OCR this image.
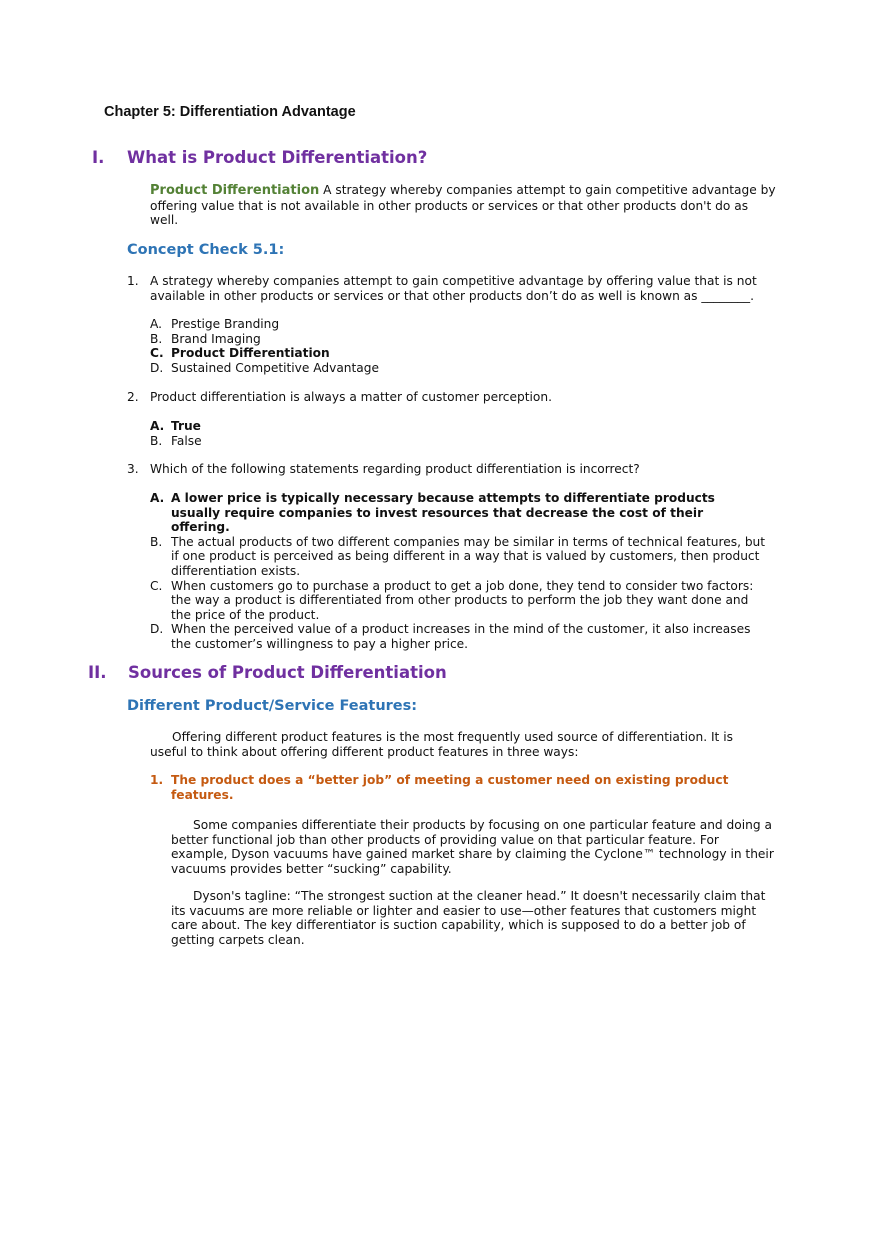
Chapter 5: Differentiation Advantage
I. What is Product Differentiation?
Product Differentiation A strategy whereby companies attempt to gain competitive advantage by offering value that is not available in other products or services or that other products don't do as well.
Concept Check 5.1:
1. A strategy whereby companies attempt to gain competitive advantage by offering value that is not available in other products or services or that other products don’t do as well is known as ________.
A. Prestige Branding
B. Brand Imaging
C. Product Differentiation
D. Sustained Competitive Advantage
2. Product differentiation is always a matter of customer perception.
A. True
B. False
3. Which of the following statements regarding product differentiation is incorrect?
A. A lower price is typically necessary because attempts to differentiate products usually require companies to invest resources that decrease the cost of their offering.
B. The actual products of two different companies may be similar in terms of technical features, but if one product is perceived as being different in a way that is valued by customers, then product differentiation exists.
C. When customers go to purchase a product to get a job done, they tend to consider two factors: the way a product is differentiated from other products to perform the job they want done and the price of the product.
D. When the perceived value of a product increases in the mind of the customer, it also increases the customer’s willingness to pay a higher price.
II. Sources of Product Differentiation
Different Product/Service Features:
Offering different product features is the most frequently used source of differentiation. It is useful to think about offering different product features in three ways:
1. The product does a “better job” of meeting a customer need on existing product features.
Some companies differentiate their products by focusing on one particular feature and doing a better functional job than other products of providing value on that particular feature. For example, Dyson vacuums have gained market share by claiming the Cyclone™ technology in their vacuums provides better “sucking” capability.
Dyson's tagline: “The strongest suction at the cleaner head.” It doesn't necessarily claim that its vacuums are more reliable or lighter and easier to use—other features that customers might care about. The key differentiator is suction capability, which is supposed to do a better job of getting carpets clean.
